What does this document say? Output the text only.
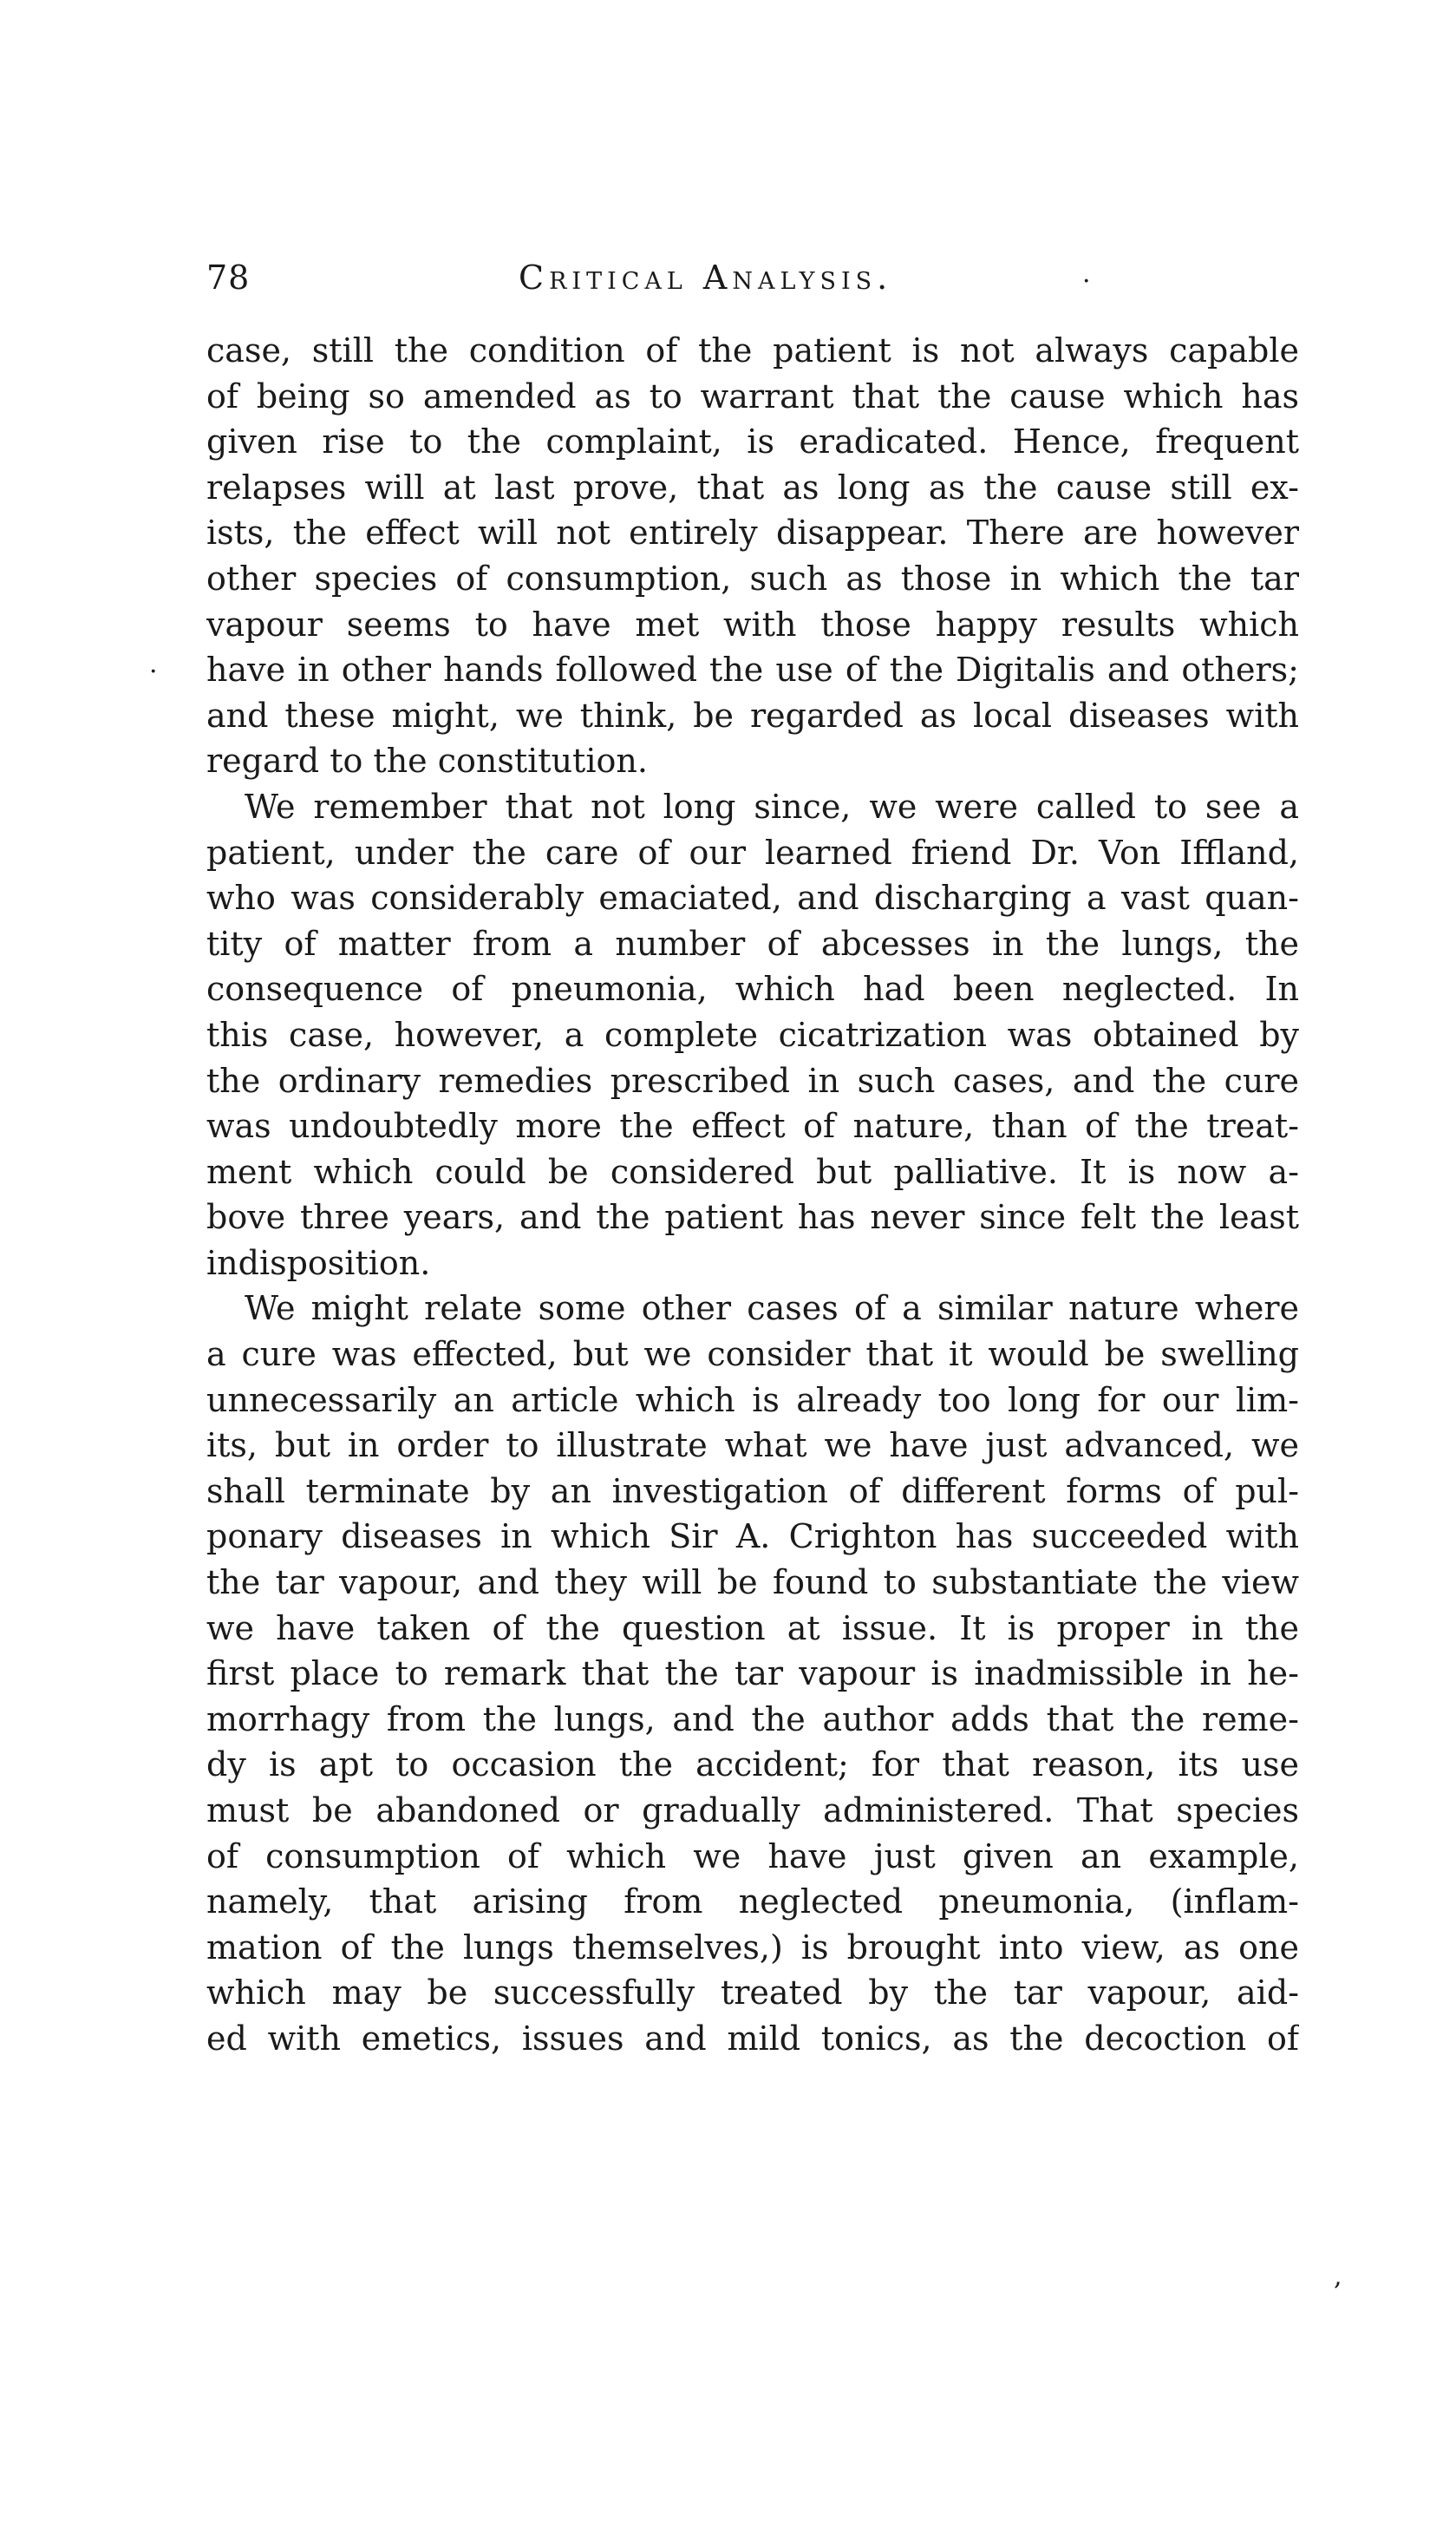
78	Critical Analysis.	·
·
,
case, still the condition of the patient is not always capable
of being so amended as to warrant that the cause which has
given rise to the complaint, is eradicated. Hence, frequent
relapses will at last prove, that as long as the cause still ex-
ists, the effect will not entirely disappear. There are however
other species of consumption, such as those in which the tar
vapour seems to have met with those happy results which
have in other hands followed the use of the Digitalis and others;
and these might, we think, be regarded as local diseases with
regard to the constitution.
We remember that not long since, we were called to see a
patient, under the care of our learned friend Dr. Von Iffland,
who was considerably emaciated, and discharging a vast quan-
tity of matter from a number of abcesses in the lungs, the
consequence of pneumonia, which had been neglected. In
this case, however, a complete cicatrization was obtained by
the ordinary remedies prescribed in such cases, and the cure
was undoubtedly more the effect of nature, than of the treat-
ment which could be considered but palliative. It is now a-
bove three years, and the patient has never since felt the least
indisposition.
We might relate some other cases of a similar nature where
a cure was effected, but we consider that it would be swelling
unnecessarily an article which is already too long for our lim-
its, but in order to illustrate what we have just advanced, we
shall terminate by an investigation of different forms of pul-
ponary diseases in which Sir A. Crighton has succeeded with
the tar vapour, and they will be found to substantiate the view
we have taken of the question at issue. It is proper in the
first place to remark that the tar vapour is inadmissible in he-
morrhagy from the lungs, and the author adds that the reme-
dy is apt to occasion the accident; for that reason, its use
must be abandoned or gradually administered. That species
of consumption of which we have just given an example,
namely, that arising from neglected pneumonia, (inflam-
mation of the lungs themselves,) is brought into view, as one
which may be successfully treated by the tar vapour, aid-
ed with emetics, issues and mild tonics, as the decoction of
